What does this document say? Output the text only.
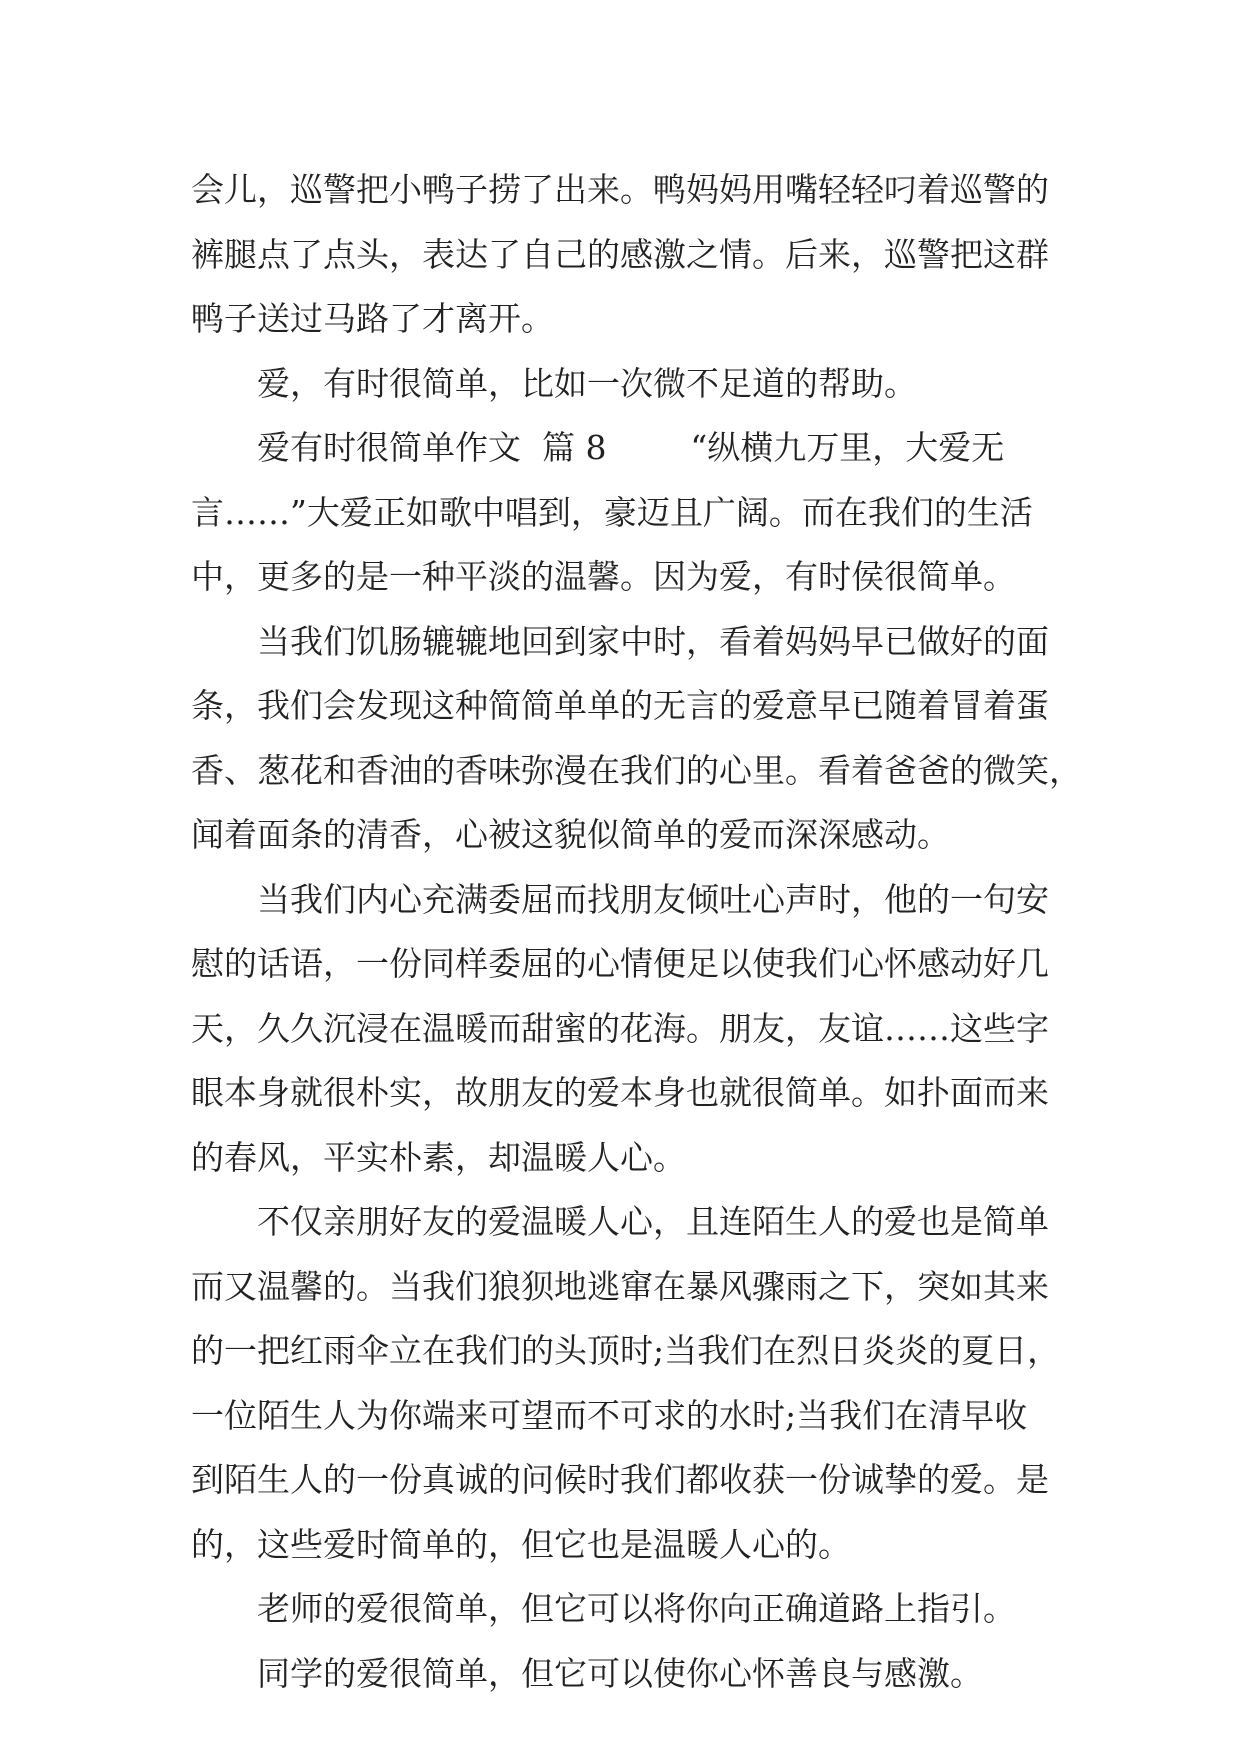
会儿，巡警把小鸭子捞了出来。鸭妈妈用嘴轻轻叼着巡警的
裤腿点了点头，表达了自己的感激之情。后来，巡警把这群
鸭子送过马路了才离开。
爱，有时很简单，比如一次微不足道的帮助。
爱有时很简单作文  篇 8        “纵横九万里，大爱无
言……”大爱正如歌中唱到，豪迈且广阔。而在我们的生活
中，更多的是一种平淡的温馨。因为爱，有时侯很简单。
当我们饥肠辘辘地回到家中时，看着妈妈早已做好的面
条，我们会发现这种简简单单的无言的爱意早已随着冒着蛋
香、葱花和香油的香味弥漫在我们的心里。看着爸爸的微笑，
闻着面条的清香，心被这貌似简单的爱而深深感动。
当我们内心充满委屈而找朋友倾吐心声时，他的一句安
慰的话语，一份同样委屈的心情便足以使我们心怀感动好几
天，久久沉浸在温暖而甜蜜的花海。朋友，友谊……这些字
眼本身就很朴实，故朋友的爱本身也就很简单。如扑面而来
的春风，平实朴素，却温暖人心。
不仅亲朋好友的爱温暖人心，且连陌生人的爱也是简单
而又温馨的。当我们狼狈地逃窜在暴风骤雨之下，突如其来
的一把红雨伞立在我们的头顶时;当我们在烈日炎炎的夏日，
一位陌生人为你端来可望而不可求的水时;当我们在清早收
到陌生人的一份真诚的问候时我们都收获一份诚挚的爱。是
的，这些爱时简单的，但它也是温暖人心的。
老师的爱很简单，但它可以将你向正确道路上指引。
同学的爱很简单，但它可以使你心怀善良与感激。
